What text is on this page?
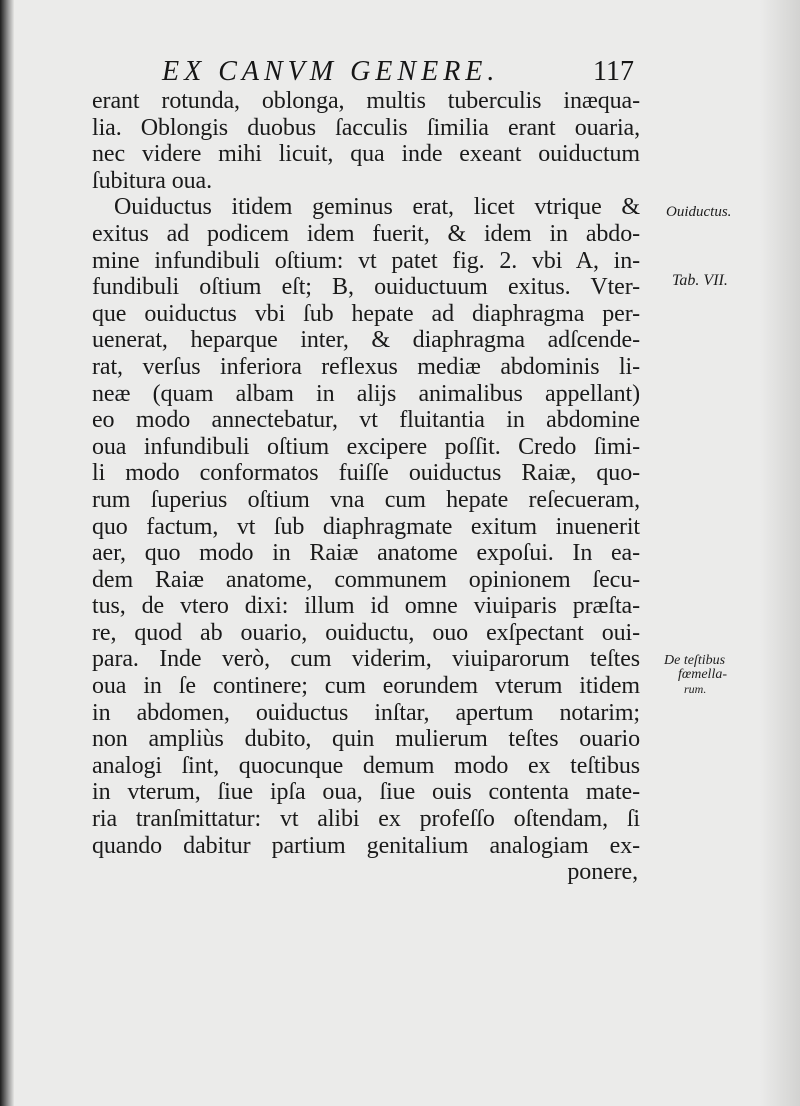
EX CANVM GENERE.	117
erant rotunda, oblonga, multis tuberculis inæqua-
lia. Oblongis duobus ſacculis ſimilia erant ouaria,
nec videre mihi licuit, qua inde exeant ouiductum
ſubitura oua.
Ouiductus itidem geminus erat, licet vtrique &
exitus ad podicem idem fuerit, & idem in abdo-
mine infundibuli oſtium: vt patet fig. 2. vbi A, in-
fundibuli oſtium eſt; B, ouiductuum exitus. Vter-
que ouiductus vbi ſub hepate ad diaphragma per-
uenerat, heparque inter, & diaphragma adſcende-
rat, verſus inferiora reflexus mediæ abdominis li-
neæ (quam albam in alijs animalibus appellant)
eo modo annectebatur, vt fluitantia in abdomine
oua infundibuli oſtium excipere poſſit. Credo ſimi-
li modo conformatos fuiſſe ouiductus Raiæ, quo-
rum ſuperius oſtium vna cum hepate reſecueram,
quo factum, vt ſub diaphragmate exitum inuenerit
aer, quo modo in Raiæ anatome expoſui. In ea-
dem Raiæ anatome, communem opinionem ſecu-
tus, de vtero dixi: illum id omne viuiparis præſta-
re, quod ab ouario, ouiductu, ouo exſpectant oui-
para. Inde verò, cum viderim, viuiparorum teſtes
oua in ſe continere; cum eorundem vterum itidem
in abdomen, ouiductus inſtar, apertum notarim;
non ampliùs dubito, quin mulierum teſtes ouario
analogi ſint, quocunque demum modo ex teſtibus
in vterum, ſiue ipſa oua, ſiue ouis contenta mate-
ria tranſmittatur: vt alibi ex profeſſo oſtendam, ſi
quando dabitur partium genitalium analogiam ex-
ponere,
Ouiductus.
Tab. VII.
De teſtibus
fœmella-
rum.
